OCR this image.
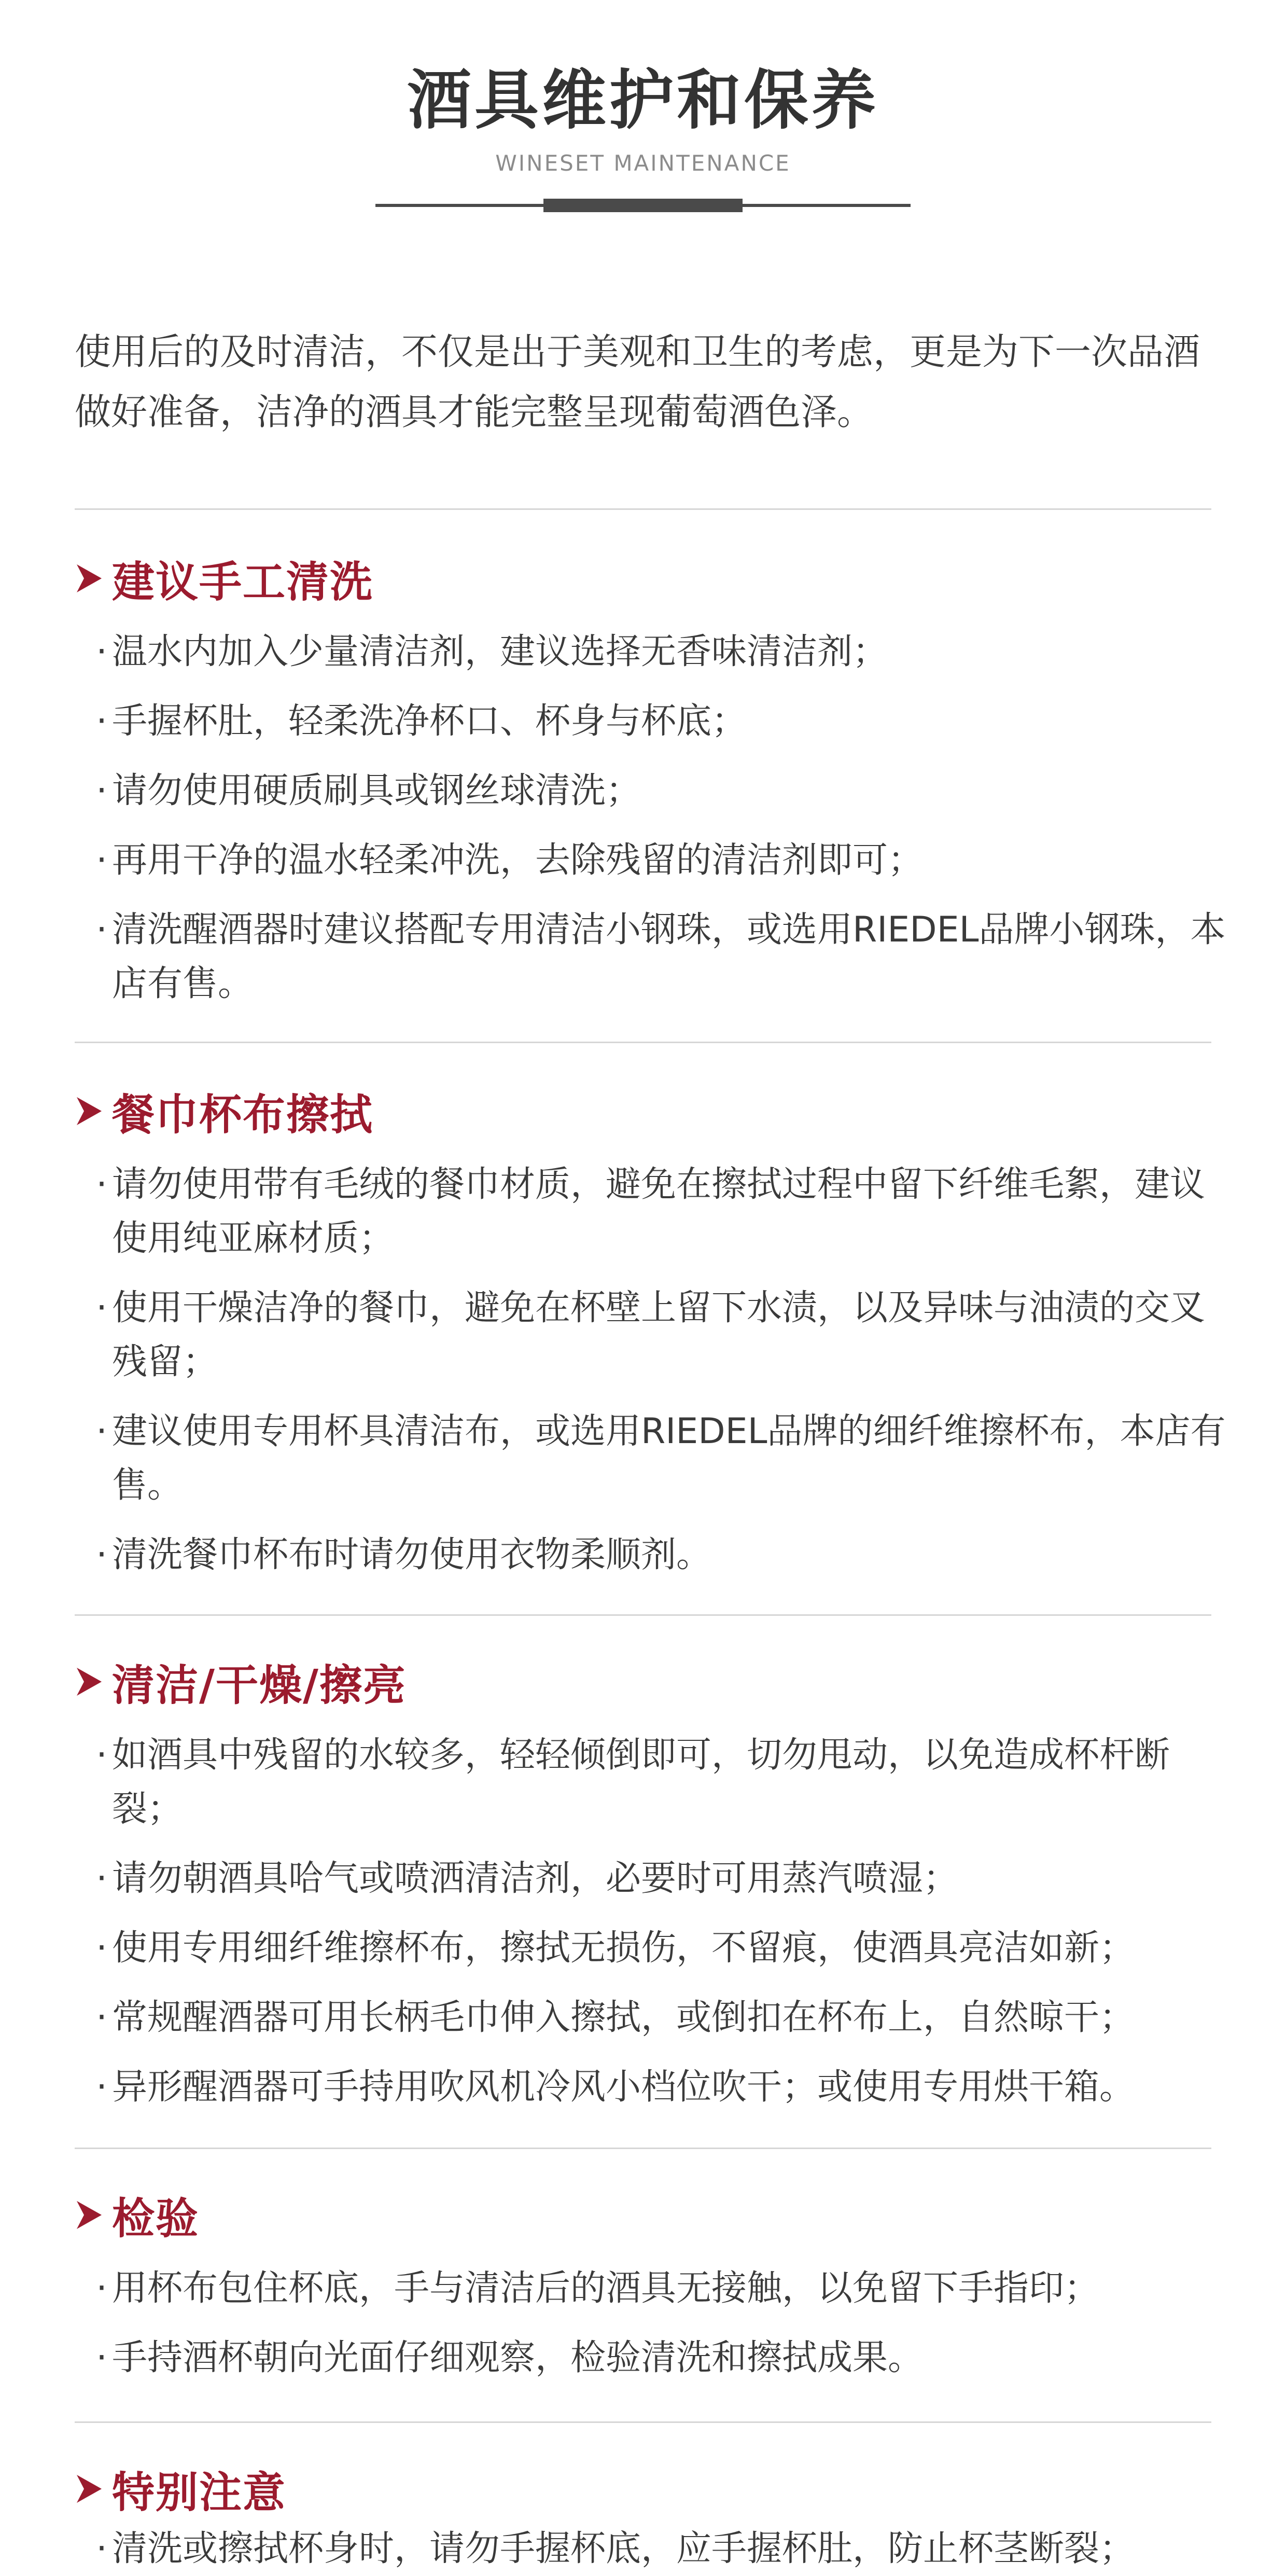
酒具维护和保养
WINESET MAINTENANCE

使用后的及时清洁，不仅是出于美观和卫生的考虑，更是为下一次品酒做好准备，洁净的酒具才能完整呈现葡萄酒色泽。

建议手工清洗
· 温水内加入少量清洁剂，建议选择无香味清洁剂；
· 手握杯肚，轻柔洗净杯口、杯身与杯底；
· 请勿使用硬质刷具或钢丝球清洗；
· 再用干净的温水轻柔冲洗，去除残留的清洁剂即可；
· 清洗醒酒器时建议搭配专用清洁小钢珠，或选用RIEDEL品牌小钢珠，本店有售。
餐巾杯布擦拭
· 请勿使用带有毛绒的餐巾材质，避免在擦拭过程中留下纤维毛絮，建议使用纯亚麻材质；
· 使用干燥洁净的餐巾，避免在杯壁上留下水渍，以及异味与油渍的交叉残留；
· 建议使用专用杯具清洁布，或选用RIEDEL品牌的细纤维擦杯布，本店有售。
· 清洗餐巾杯布时请勿使用衣物柔顺剂。
清洁/干燥/擦亮
· 如酒具中残留的水较多，轻轻倾倒即可，切勿甩动，以免造成杯杆断裂；
· 请勿朝酒具哈气或喷洒清洁剂，必要时可用蒸汽喷湿；
· 使用专用细纤维擦杯布，擦拭无损伤，不留痕，使酒具亮洁如新；
· 常规醒酒器可用长柄毛巾伸入擦拭，或倒扣在杯布上，自然晾干；
· 异形醒酒器可手持用吹风机冷风小档位吹干；或使用专用烘干箱。
检验
· 用杯布包住杯底，手与清洁后的酒具无接触，以免留下手指印；
· 手持酒杯朝向光面仔细观察，检验清洗和擦拭成果。
特别注意
· 清洗或擦拭杯身时，请勿手握杯底，应手握杯肚，防止杯茎断裂；
